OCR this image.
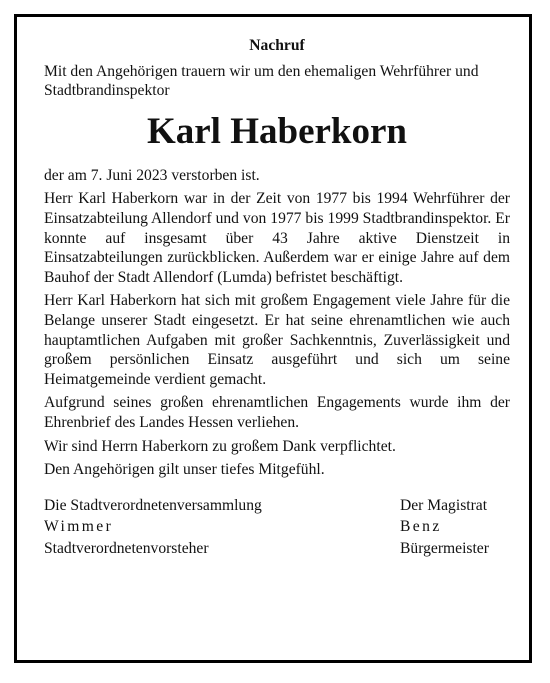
Nachruf

Mit den Angehörigen trauern wir um den ehemaligen Wehrführer und Stadtbrandinspektor

Karl Haberkorn

der am 7. Juni 2023 verstorben ist.

Herr Karl Haberkorn war in der Zeit von 1977 bis 1994 Wehrführer der Einsatzabteilung Allendorf und von 1977 bis 1999 Stadtbrandinspektor. Er konnte auf insgesamt über 43 Jahre aktive Dienstzeit in Einsatzabteilungen zurückblicken. Außerdem war er einige Jahre auf dem Bauhof der Stadt Allendorf (Lumda) befristet beschäftigt.

Herr Karl Haberkorn hat sich mit großem Engagement viele Jahre für die Belange unserer Stadt eingesetzt. Er hat seine ehrenamtlichen wie auch hauptamtlichen Aufgaben mit großer Sachkenntnis, Zuverlässigkeit und großem persönlichen Einsatz ausgeführt und sich um seine Heimatgemeinde verdient gemacht.

Aufgrund seines großen ehrenamtlichen Engagements wurde ihm der Ehrenbrief des Landes Hessen verliehen.

Wir sind Herrn Haberkorn zu großem Dank verpflichtet.

Den Angehörigen gilt unser tiefes Mitgefühl.

Die Stadtverordnetenversammlung	Der Magistrat
Wimmer	Benz
Stadtverordnetenvorsteher	Bürgermeister
